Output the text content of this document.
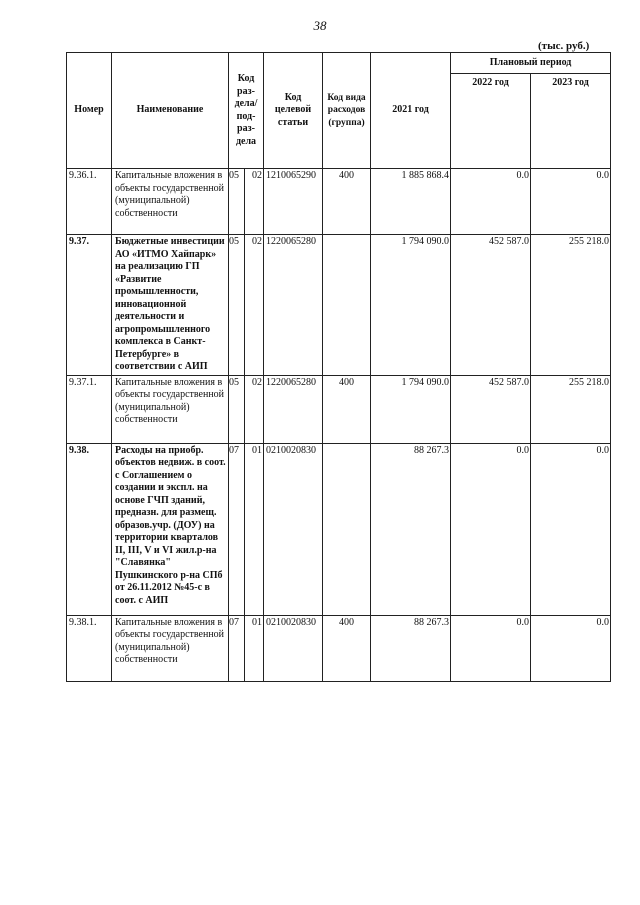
38
(тыс. руб.)
Номер	Наименование	Код раз-дела/ под-раз-дела		Код целевой статьи	Код вида расходов (группа)	2021 год	Плановый период	
							2022 год	2023 год
9.36.1.	Капитальные вложения в объекты государственной (муниципальной) собственности	05	02	1210065290	400	1 885 868.4	0.0	0.0
9.37.	Бюджетные инвестиции АО «ИТМО Хайпарк» на реализацию ГП «Развитие промышленности, инновационной деятельности и агропромышленного комплекса в Санкт-Петербурге» в соответствии с АИП	05	02	1220065280		1 794 090.0	452 587.0	255 218.0
9.37.1.	Капитальные вложения в объекты государственной (муниципальной) собственности	05	02	1220065280	400	1 794 090.0	452 587.0	255 218.0
9.38.	Расходы на приобр. объектов недвиж. в соот. с Соглашением о создании и экспл. на основе ГЧП зданий, предназн. для размещ. образов.учр. (ДОУ) на территории кварталов II, III, V и VI жил.р-на "Славянка" Пушкинского р-на СПб от 26.11.2012 №45-с в соот. с АИП	07	01	0210020830		88 267.3	0.0	0.0
9.38.1.	Капитальные вложения в объекты государственной (муниципальной) собственности	07	01	0210020830	400	88 267.3	0.0	0.0
